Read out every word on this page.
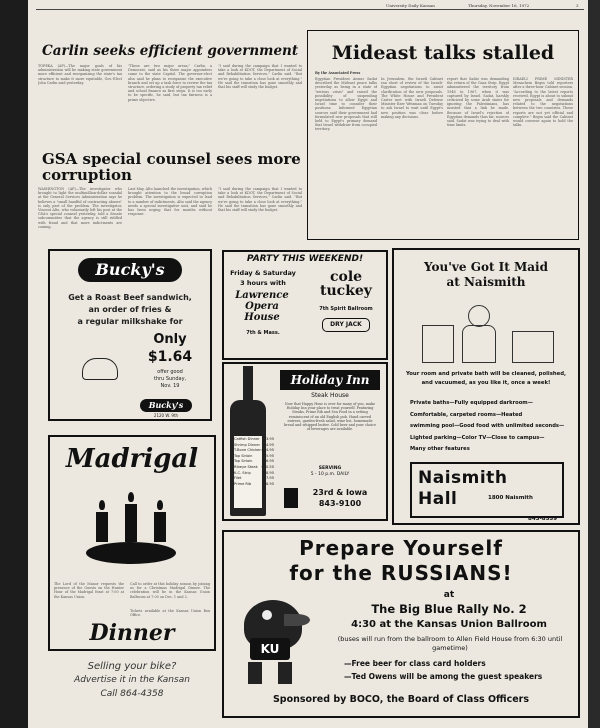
University Daily Kansan	Thursday, November 16, 1972	3
Carlin seeks efficient government
TOPEKA (AP)—The major goals of his administration will be making state government more efficient and reorganizing the state's tax structure to make it more equitable, Gov.-Elect John Carlin said yesterday.
"These are two major areas," Carlin, a Democrat, said as his three major appointees came to the state Capitol. The governor-elect also said he plans to reorganize the executive branch and set up a task force to review the tax structure, ordering a study of property tax relief and school finance as first steps. It is too early to be specific, he said, but tax fairness is a prime objective.
"I said during the campaign that I wanted to take a look at KDOT, the Department of Social and Rehabilitation Services," Carlin said. "But we're going to take a close look at everything." He said the transition has gone smoothly and that his staff will study the budget.
GSA special counsel sees more corruption
WASHINGTON (AP)—The investigator who brought to light the multimillion-dollar scandal at the General Services Administration says he believes a "small handful of contracting abuses" is only part of the problem. The investigator, Vincent Alto, who voluntarily left his post at the GSA's special counsel yesterday, told a Senate subcommittee that the agency is still riddled with fraud and that more indictments are coming.
Last May, Alto launched the investigation, which brought attention to the broad corruption problem. The investigation is expected to lead to a number of indictments. Alto said the agency needs a special investigative unit, and said he has been urging that for months without response.
"I said during the campaign that I wanted to take a look at KDOT, the Department of Social and Rehabilitation Services," Carlin said. "But we're going to take a close look at everything." He said the transition has gone smoothly and that his staff will study the budget.
Mideast talks stalled
By the Associated Press
Egyptian President Anwar Sadat described the Mideast peace talks yesterday as being in a state of "serious crisis" and raised the possibility of suspending negotiations to allow Egypt and Israel time to consider their positions. Informed Egyptian sources said their government had formulated new proposals that still held to Egypt's primary demand that Israel withdraw from occupied territory.
In Jerusalem, the Israeli Cabinet ran short of review of the Israeli-Egyptian negotiations to await clarification of the new proposals. The White House and President Carter met with Israeli Defense Minister Ezer Weizman on Tuesday to ask Israel to wait until Egypt's new position was clear before making any decisions.
report that Sadat was demanding the return of the Gaza Strip. Egypt administered the territory from 1948 to 1967, when it was captured by Israel. Sadat, harshly criticized by some Arab states for ignoring the Palestinians, has insisted that a link be made. Because of Israel's rejection of Egyptian demands thus far, sources said, Sadat was trying to deal with time limits.
ISRAELI PRIME MINISTER Menachem Begin told reporters after a three-hour Cabinet session, "According to the latest reports received, Egypt is about to submit new proposals and demands related to the negotiations between the two countries. These reports are not yet official and complete." Begin said the Cabinet would convene again to hold the talks.
Bucky's
Get a Roast Beef sandwich,
an order of fries &
a regular milkshake for
Only
$1.64
offer good
thru Sunday,
Nov. 19
Bucky's
2120 W. 9th
PARTY THIS WEEKEND!
Friday & Saturday
3 hours with
Lawrence Opera House
7th & Mass.
cole tuckey
7th Spirit Ballroom
DRY JACK
Catfish Dinner $3.95
Shrimp Dinner $4.95
T-Bone Chicken $4.95
Top Sirloin	$5.95
Top Sirloin	$6.95
Ribeye Steak $10.50
K.C. Strip	$8.95
Filet	$7.95
Prime Rib	$8.95
Holiday Inn
Steak House
Now that Happy Hour is over for many of you, make Holiday Inn your place to treat yourself. Featuring Steaks, Prime Rib and Sea Food in a setting reminiscent of an old English pub. Hand carved entrees, garden-fresh salad, wine list, homemade bread and whipped butter. Cold beer and your choice of beverages are available.
SERVING
5 - 10 p.m. DAILY
23rd & Iowa
843-9100
You've Got It Maid
at Naismith
Your room and private bath will be cleaned, polished, and vacuumed, as you like it, once a week!
Private baths—Fully equipped darkroom—
Comfortable, carpeted rooms—Heated
swimming pool—Good food with unlimited seconds—
Lighted parking—Color TV—Close to campus—
Many other features
Naismith
Hall	1800 Naismith
843-8559
Madrigal
The Lord of the Manor requests the presence of the Guests on the Hunter Hour of the Madrigal feast at 7:00 at the Kansas Union.
Call to order at this holiday season by joining us for a Christmas Madrigal Dinner. The celebration will be in the Kansas Union Ballroom at 7:00 on Dec. 1 and 2.
Tickets available at the Kansas Union Box Office.
Dinner
Selling your bike?
Advertise it in the Kansan
Call 864-4358
Prepare Yourself
for the RUSSIANS!
KU
at
The Big Blue Rally No. 2
4:30 at the Kansas Union Ballroom
(buses will run from the ballroom to Allen Field House from 6:30 until gametime)
—Free beer for class card holders
—Ted Owens will be among the guest speakers
Sponsored by BOCO, the Board of Class Officers
